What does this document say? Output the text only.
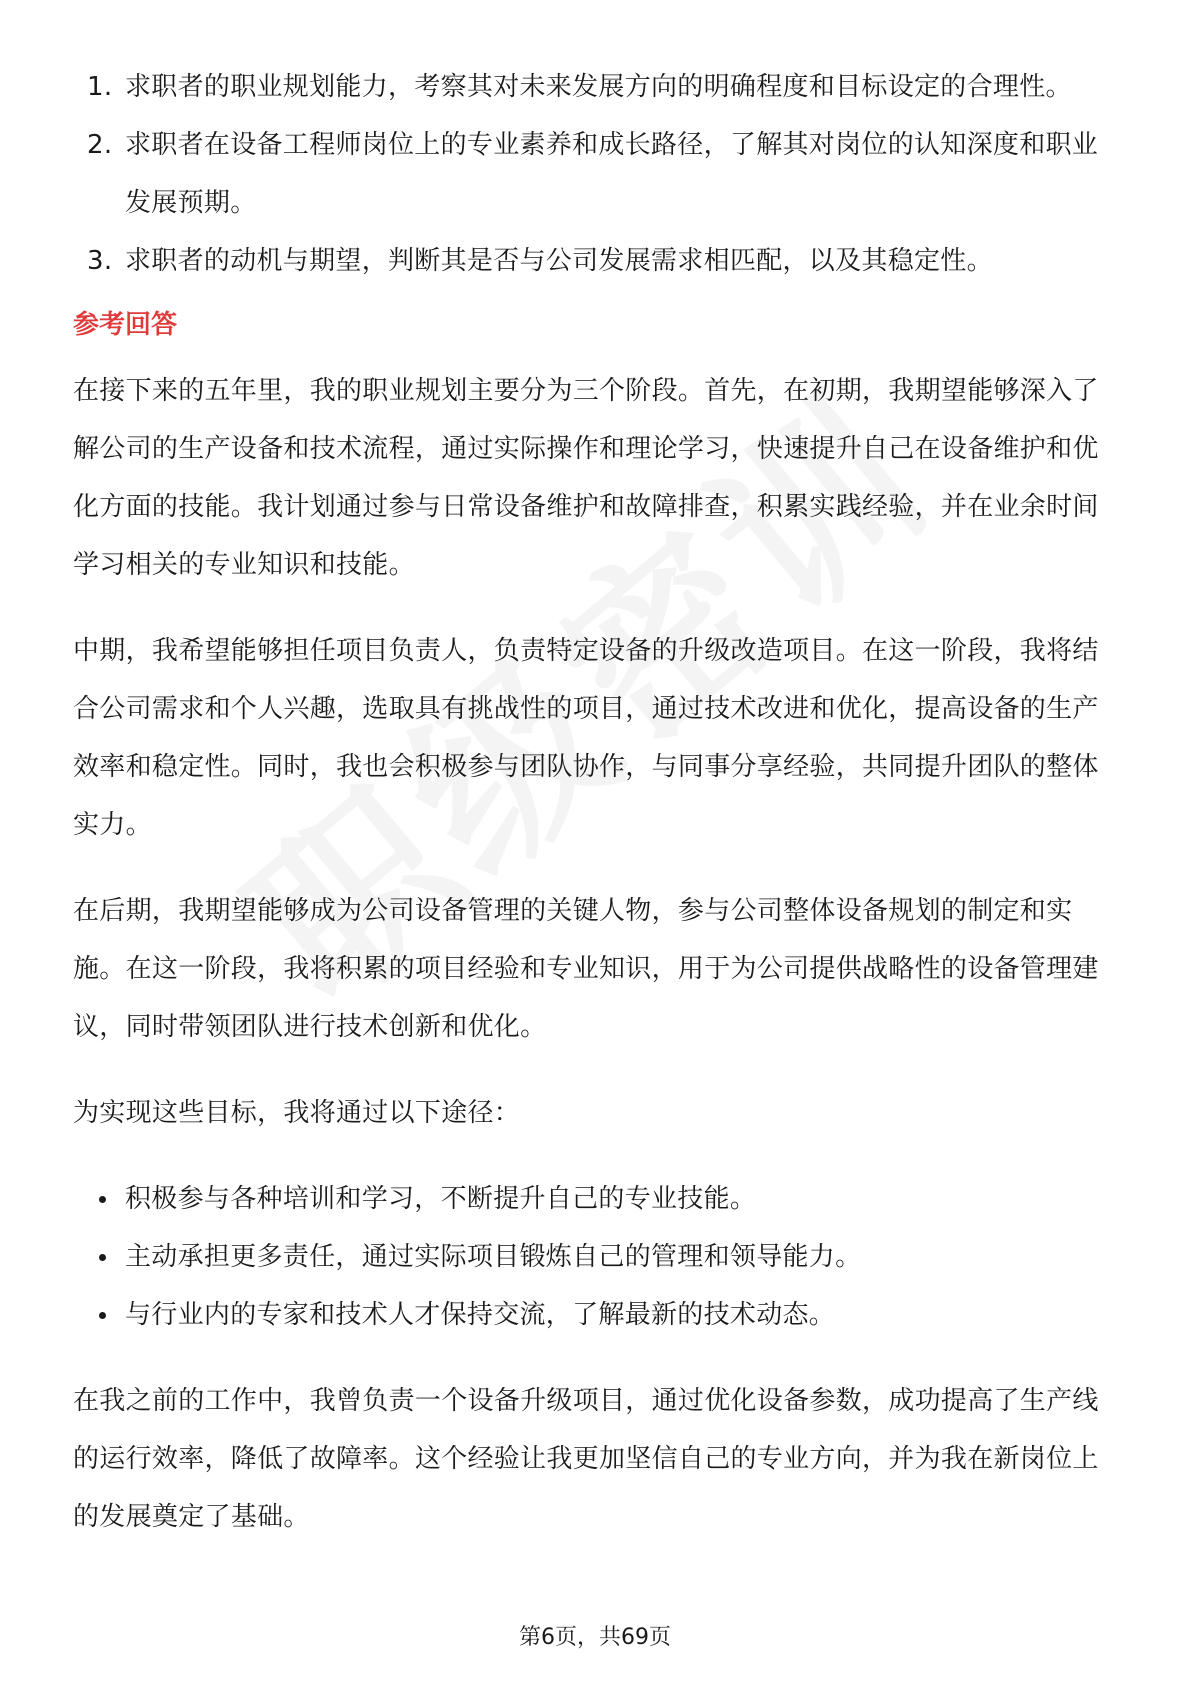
1. 求职者的职业规划能力，考察其对未来发展方向的明确程度和目标设定的合理性。
2. 求职者在设备工程师岗位上的专业素养和成长路径，了解其对岗位的认知深度和职业发展预期。
3. 求职者的动机与期望，判断其是否与公司发展需求相匹配，以及其稳定性。
参考回答

在接下来的五年里，我的职业规划主要分为三个阶段。首先，在初期，我期望能够深入了解公司的生产设备和技术流程，通过实际操作和理论学习，快速提升自己在设备维护和优化方面的技能。我计划通过参与日常设备维护和故障排查，积累实践经验，并在业余时间学习相关的专业知识和技能。

中期，我希望能够担任项目负责人，负责特定设备的升级改造项目。在这一阶段，我将结合公司需求和个人兴趣，选取具有挑战性的项目，通过技术改进和优化，提高设备的生产效率和稳定性。同时，我也会积极参与团队协作，与同事分享经验，共同提升团队的整体实力。

在后期，我期望能够成为公司设备管理的关键人物，参与公司整体设备规划的制定和实施。在这一阶段，我将积累的项目经验和专业知识，用于为公司提供战略性的设备管理建议，同时带领团队进行技术创新和优化。

为实现这些目标，我将通过以下途径：

积极参与各种培训和学习，不断提升自己的专业技能。
主动承担更多责任，通过实际项目锻炼自己的管理和领导能力。
与行业内的专家和技术人才保持交流，了解最新的技术动态。

在我之前的工作中，我曾负责一个设备升级项目，通过优化设备参数，成功提高了生产线的运行效率，降低了故障率。这个经验让我更加坚信自己的专业方向，并为我在新岗位上的发展奠定了基础。

第6页，共69页
